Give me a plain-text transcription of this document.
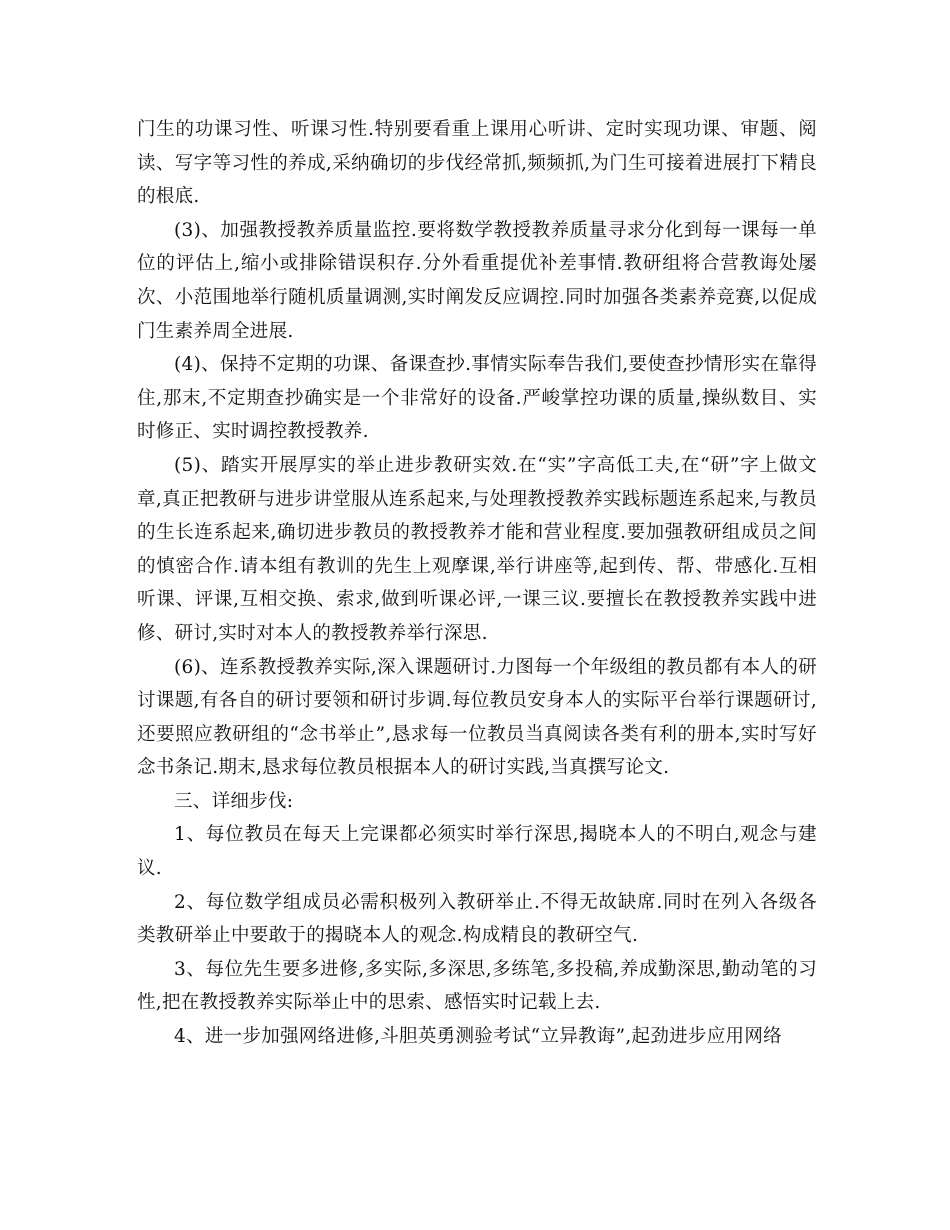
门生的功课习性、听课习性.特别要看重上课用心听讲、定时实现功课、审题、阅读、写字等习性的养成,采纳确切的步伐经常抓,频频抓,为门生可接着进展打下精良的根底.

(3)、加强教授教养质量监控.要将数学教授教养质量寻求分化到每一课每一单位的评估上,缩小或排除错误积存.分外看重提优补差事情.教研组将合营教诲处屡次、小范围地举行随机质量调测,实时阐发反应调控.同时加强各类素养竞赛,以促成门生素养周全进展.

(4)、保持不定期的功课、备课查抄.事情实际奉告我们,要使查抄情形实在靠得住,那末,不定期查抄确实是一个非常好的设备.严峻掌控功课的质量,操纵数目、实时修正、实时调控教授教养.

(5)、踏实开展厚实的举止进步教研实效.在“实”字高低工夫,在“研”字上做文章,真正把教研与进步讲堂服从连系起来,与处理教授教养实践标题连系起来,与教员的生长连系起来,确切进步教员的教授教养才能和营业程度.要加强教研组成员之间的慎密合作.请本组有教训的先生上观摩课,举行讲座等,起到传、帮、带感化.互相听课、评课,互相交换、索求,做到听课必评,一课三议.要擅长在教授教养实践中进修、研讨,实时对本人的教授教养举行深思.

(6)、连系教授教养实际,深入课题研讨.力图每一个年级组的教员都有本人的研讨课题,有各自的研讨要领和研讨步调.每位教员安身本人的实际平台举行课题研讨,还要照应教研组的“念书举止”,恳求每一位教员当真阅读各类有利的册本,实时写好念书条记.期末,恳求每位教员根据本人的研讨实践,当真撰写论文.

三、详细步伐:

1、每位教员在每天上完课都必须实时举行深思,揭晓本人的不明白,观念与建议.

2、每位数学组成员必需积极列入教研举止.不得无故缺席.同时在列入各级各类教研举止中要敢于的揭晓本人的观念.构成精良的教研空气.

3、每位先生要多进修,多实际,多深思,多练笔,多投稿,养成勤深思,勤动笔的习性,把在教授教养实际举止中的思索、感悟实时记载上去.

4、进一步加强网络进修,斗胆英勇测验考试“立异教诲”,起劲进步应用网络
